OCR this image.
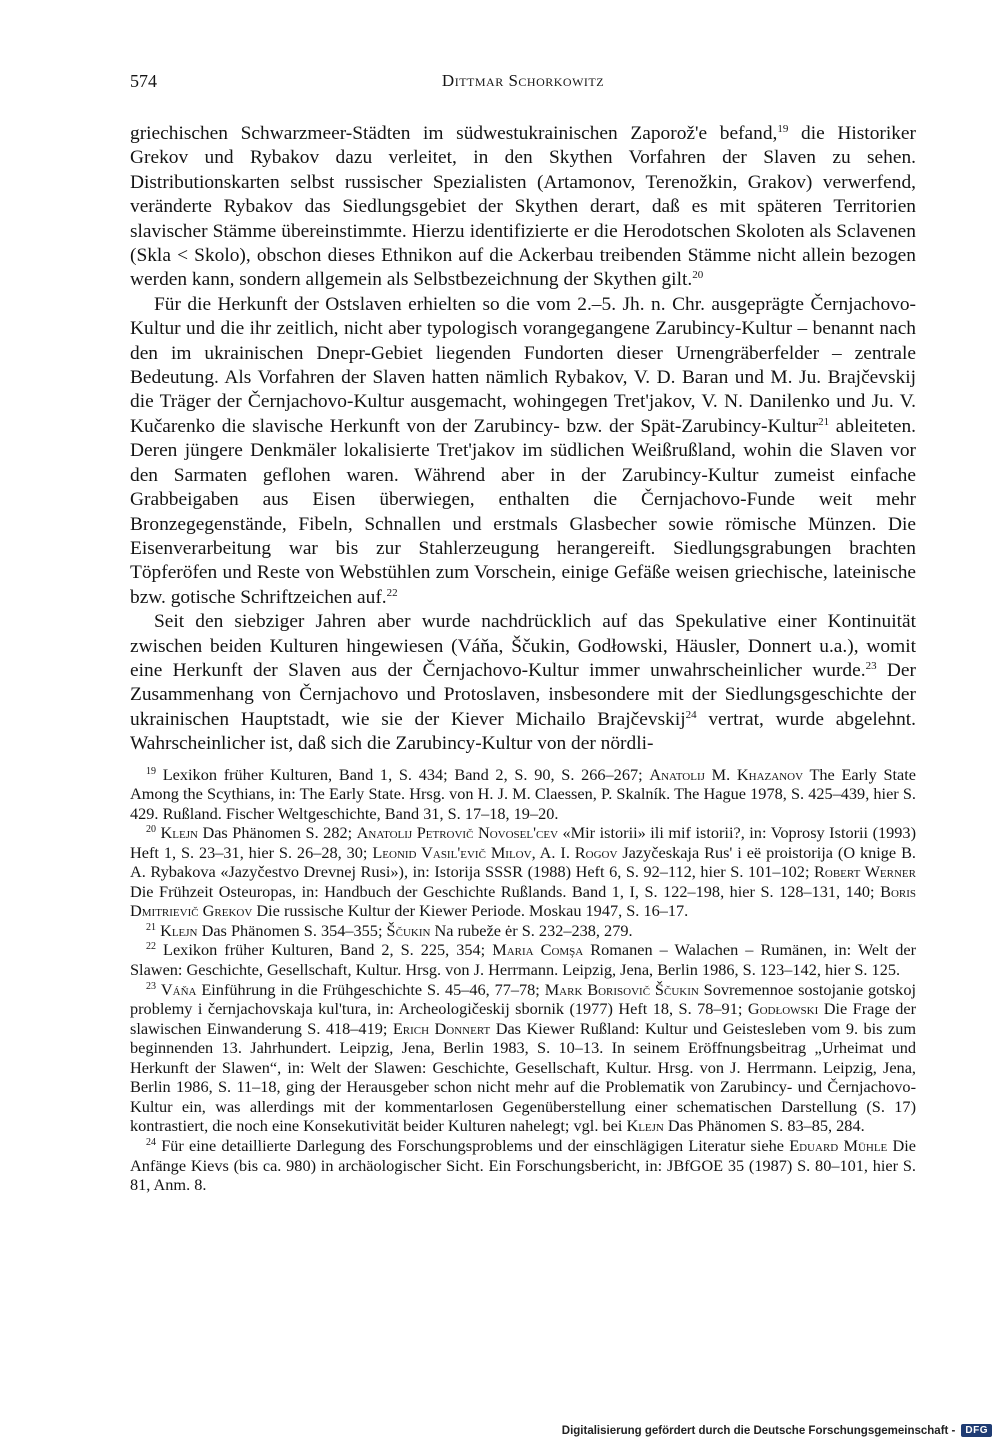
574	Dittmar Schorkowitz

griechischen Schwarzmeer-Städten im südwestukrainischen Zaporož'e befand,$^{19}$ die Historiker Grekov und Rybakov dazu verleitet, in den Skythen Vorfahren der Slaven zu sehen. Distributionskarten selbst russischer Spezialisten (Artamonov, Terenožkin, Grakov) verwerfend, veränderte Rybakov das Siedlungsgebiet der Skythen derart, daß es mit späteren Territorien slavischer Stämme übereinstimmte. Hierzu identifizierte er die Herodotschen Skoloten als Sclavenen (Skla < Skolo), obschon dieses Ethnikon auf die Ackerbau treibenden Stämme nicht allein bezogen werden kann, sondern allgemein als Selbstbezeichnung der Skythen gilt.$^{20}$

Für die Herkunft der Ostslaven erhielten so die vom 2.–5. Jh. n. Chr. ausgeprägte Černjachovo-Kultur und die ihr zeitlich, nicht aber typologisch vorangegangene Zarubincy-Kultur – benannt nach den im ukrainischen Dnepr-Gebiet liegenden Fundorten dieser Urnengräberfelder – zentrale Bedeutung. Als Vorfahren der Slaven hatten nämlich Rybakov, V. D. Baran und M. Ju. Brajčevskij die Träger der Černjachovo-Kultur ausgemacht, wohingegen Tret'jakov, V. N. Danilenko und Ju. V. Kučarenko die slavische Herkunft von der Zarubincy- bzw. der Spät-Zarubincy-Kultur$^{21}$ ableiteten. Deren jüngere Denkmäler lokalisierte Tret'jakov im südlichen Weißrußland, wohin die Slaven vor den Sarmaten geflohen waren. Während aber in der Zarubincy-Kultur zumeist einfache Grabbeigaben aus Eisen überwiegen, enthalten die Černjachovo-Funde weit mehr Bronzegegenstände, Fibeln, Schnallen und erstmals Glasbecher sowie römische Münzen. Die Eisenverarbeitung war bis zur Stahlerzeugung herangereift. Siedlungsgrabungen brachten Töpferöfen und Reste von Webstühlen zum Vorschein, einige Gefäße weisen griechische, lateinische bzw. gotische Schriftzeichen auf.$^{22}$

Seit den siebziger Jahren aber wurde nachdrücklich auf das Spekulative einer Kontinuität zwischen beiden Kulturen hingewiesen (Váňa, Ščukin, Godłowski, Häusler, Donnert u.a.), womit eine Herkunft der Slaven aus der Černjachovo-Kultur immer unwahrscheinlicher wurde.$^{23}$ Der Zusammenhang von Černjachovo und Protoslaven, insbesondere mit der Siedlungsgeschichte der ukrainischen Hauptstadt, wie sie der Kiever Michailo Brajčevskij$^{24}$ vertrat, wurde abgelehnt. Wahrscheinlicher ist, daß sich die Zarubincy-Kultur von der nördli-

$^{19}$ Lexikon früher Kulturen, Band 1, S. 434; Band 2, S. 90, S. 266–267; Anatolij M. Khazanov The Early State Among the Scythians, in: The Early State. Hrsg. von H. J. M. Claessen, P. Skalník. The Hague 1978, S. 425–439, hier S. 429. Rußland. Fischer Weltgeschichte, Band 31, S. 17–18, 19–20.

$^{20}$ Klejn Das Phänomen S. 282; Anatolij Petrovič Novosel'cev «Mir istorii» ili mif istorii?, in: Voprosy Istorii (1993) Heft 1, S. 23–31, hier S. 26–28, 30; Leonid Vasil'evič Milov, A. I. Rogov Jazyčeskaja Rus' i eë proistorija (O knige B. A. Rybakova «Jazyčestvo Drevnej Rusi»), in: Istorija SSSR (1988) Heft 6, S. 92–112, hier S. 101–102; Robert Werner Die Frühzeit Osteuropas, in: Handbuch der Geschichte Rußlands. Band 1, I, S. 122–198, hier S. 128–131, 140; Boris Dmitrievič Grekov Die russische Kultur der Kiewer Periode. Moskau 1947, S. 16–17.

$^{21}$ Klejn Das Phänomen S. 354–355; Ščukin Na rubeže ėr S. 232–238, 279.

$^{22}$ Lexikon früher Kulturen, Band 2, S. 225, 354; Maria Comşa Romanen – Walachen – Rumänen, in: Welt der Slawen: Geschichte, Gesellschaft, Kultur. Hrsg. von J. Herrmann. Leipzig, Jena, Berlin 1986, S. 123–142, hier S. 125.

$^{23}$ Váňa Einführung in die Frühgeschichte S. 45–46, 77–78; Mark Borisovič Ščukin Sovremennoe sostojanie gotskoj problemy i černjachovskaja kul'tura, in: Archeologičeskij sbornik (1977) Heft 18, S. 78–91; Godłowski Die Frage der slawischen Einwanderung S. 418–419; Erich Donnert Das Kiewer Rußland: Kultur und Geistesleben vom 9. bis zum beginnenden 13. Jahrhundert. Leipzig, Jena, Berlin 1983, S. 10–13. In seinem Eröffnungsbeitrag „Urheimat und Herkunft der Slawen“, in: Welt der Slawen: Geschichte, Gesellschaft, Kultur. Hrsg. von J. Herrmann. Leipzig, Jena, Berlin 1986, S. 11–18, ging der Herausgeber schon nicht mehr auf die Problematik von Zarubincy- und Černjachovo-Kultur ein, was allerdings mit der kommentarlosen Gegenüberstellung einer schematischen Darstellung (S. 17) kontrastiert, die noch eine Konsekutivität beider Kulturen nahelegt; vgl. bei Klejn Das Phänomen S. 83–85, 284.

$^{24}$ Für eine detaillierte Darlegung des Forschungsproblems und der einschlägigen Literatur siehe Eduard Mühle Die Anfänge Kievs (bis ca. 980) in archäologischer Sicht. Ein Forschungsbericht, in: JBfGOE 35 (1987) S. 80–101, hier S. 81, Anm. 8.

Digitalisierung gefördert durch die Deutsche Forschungsgemeinschaft -	DFG
